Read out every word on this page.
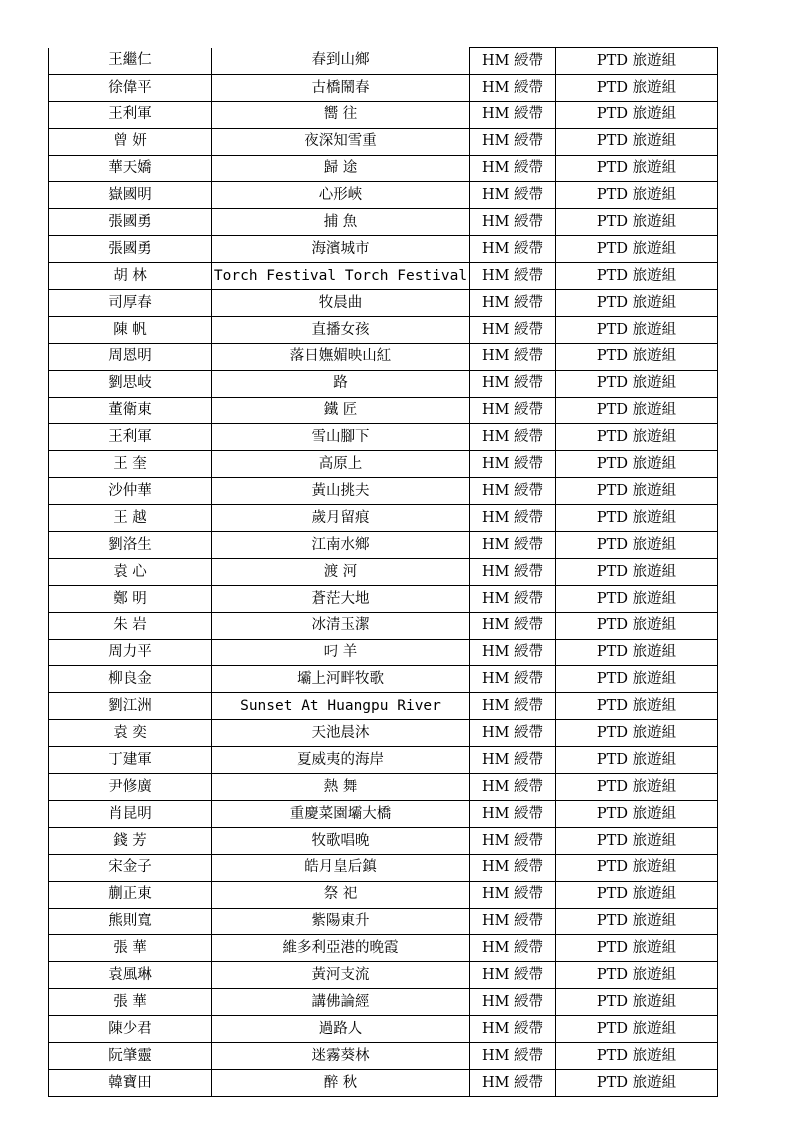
王繼仁	春到山鄉	HM 綬帶	PTD 旅遊組
徐偉平	古橋鬧春	HM 綬帶	PTD 旅遊組
王利軍	嚮 往	HM 綬帶	PTD 旅遊組
曾 妍	夜深知雪重	HM 綬帶	PTD 旅遊組
華天嬌	歸 途	HM 綬帶	PTD 旅遊組
嶽國明	心形峽	HM 綬帶	PTD 旅遊組
張國勇	捕 魚	HM 綬帶	PTD 旅遊組
張國勇	海濱城市	HM 綬帶	PTD 旅遊組
胡 林	Torch Festival Torch Festival	HM 綬帶	PTD 旅遊組
司厚春	牧晨曲	HM 綬帶	PTD 旅遊組
陳 帆	直播女孩	HM 綬帶	PTD 旅遊組
周恩明	落日嫵媚映山紅	HM 綬帶	PTD 旅遊組
劉思岐	路	HM 綬帶	PTD 旅遊組
董衛東	鐵 匠	HM 綬帶	PTD 旅遊組
王利軍	雪山腳下	HM 綬帶	PTD 旅遊組
王 奎	高原上	HM 綬帶	PTD 旅遊組
沙仲華	黃山挑夫	HM 綬帶	PTD 旅遊組
王 越	歲月留痕	HM 綬帶	PTD 旅遊組
劉洛生	江南水鄉	HM 綬帶	PTD 旅遊組
袁 心	渡 河	HM 綬帶	PTD 旅遊組
鄭 明	蒼茫大地	HM 綬帶	PTD 旅遊組
朱 岩	冰清玉潔	HM 綬帶	PTD 旅遊組
周力平	叼 羊	HM 綬帶	PTD 旅遊組
柳良金	壩上河畔牧歌	HM 綬帶	PTD 旅遊組
劉江洲	Sunset At Huangpu River	HM 綬帶	PTD 旅遊組
袁 奕	天池晨沐	HM 綬帶	PTD 旅遊組
丁建軍	夏威夷的海岸	HM 綬帶	PTD 旅遊組
尹修廣	熱 舞	HM 綬帶	PTD 旅遊組
肖昆明	重慶菜園壩大橋	HM 綬帶	PTD 旅遊組
錢 芳	牧歌唱晚	HM 綬帶	PTD 旅遊組
宋金子	皓月皇后鎮	HM 綬帶	PTD 旅遊組
蒯正東	祭 祀	HM 綬帶	PTD 旅遊組
熊則寬	紫陽東升	HM 綬帶	PTD 旅遊組
張 華	維多利亞港的晚霞	HM 綬帶	PTD 旅遊組
袁風琳	黃河支流	HM 綬帶	PTD 旅遊組
張 華	講佛論經	HM 綬帶	PTD 旅遊組
陳少君	過路人	HM 綬帶	PTD 旅遊組
阮肇靈	迷霧葵林	HM 綬帶	PTD 旅遊組
韓寶田	醉 秋	HM 綬帶	PTD 旅遊組
